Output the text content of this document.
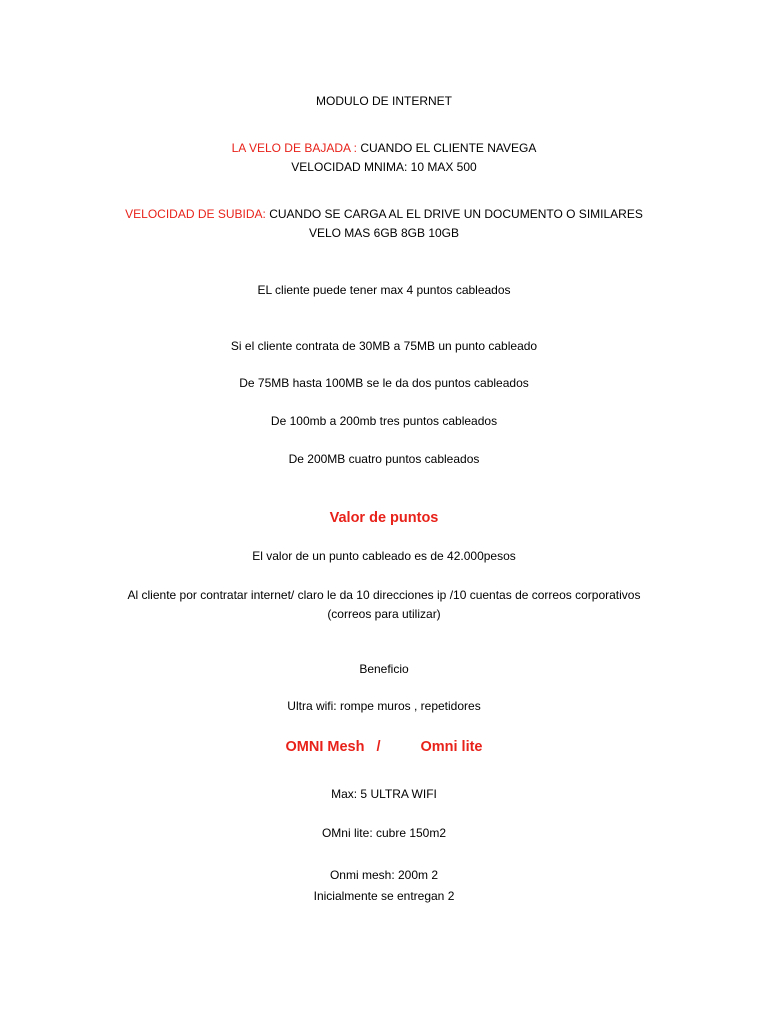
MODULO DE INTERNET
LA VELO DE BAJADA : CUANDO EL CLIENTE NAVEGA
VELOCIDAD MNIMA: 10 MAX 500
VELOCIDAD DE SUBIDA: CUANDO SE CARGA AL EL DRIVE UN DOCUMENTO O SIMILARES
VELO MAS 6GB 8GB 10GB
EL cliente puede tener max 4 puntos cableados
Si el cliente contrata de 30MB a 75MB un punto cableado
De 75MB hasta 100MB se le da dos puntos cableados
De 100mb a 200mb tres puntos cableados
De 200MB cuatro puntos cableados
Valor de puntos
El valor de un punto cableado es de 42.000pesos
Al cliente por contratar internet/ claro le da 10 direcciones ip /10 cuentas de correos corporativos
(correos para utilizar)
Beneficio
Ultra wifi: rompe muros , repetidores
OMNI Mesh /	Omni lite
Max: 5 ULTRA WIFI
OMni lite: cubre 150m2
Onmi mesh: 200m 2
Inicialmente se entregan 2
